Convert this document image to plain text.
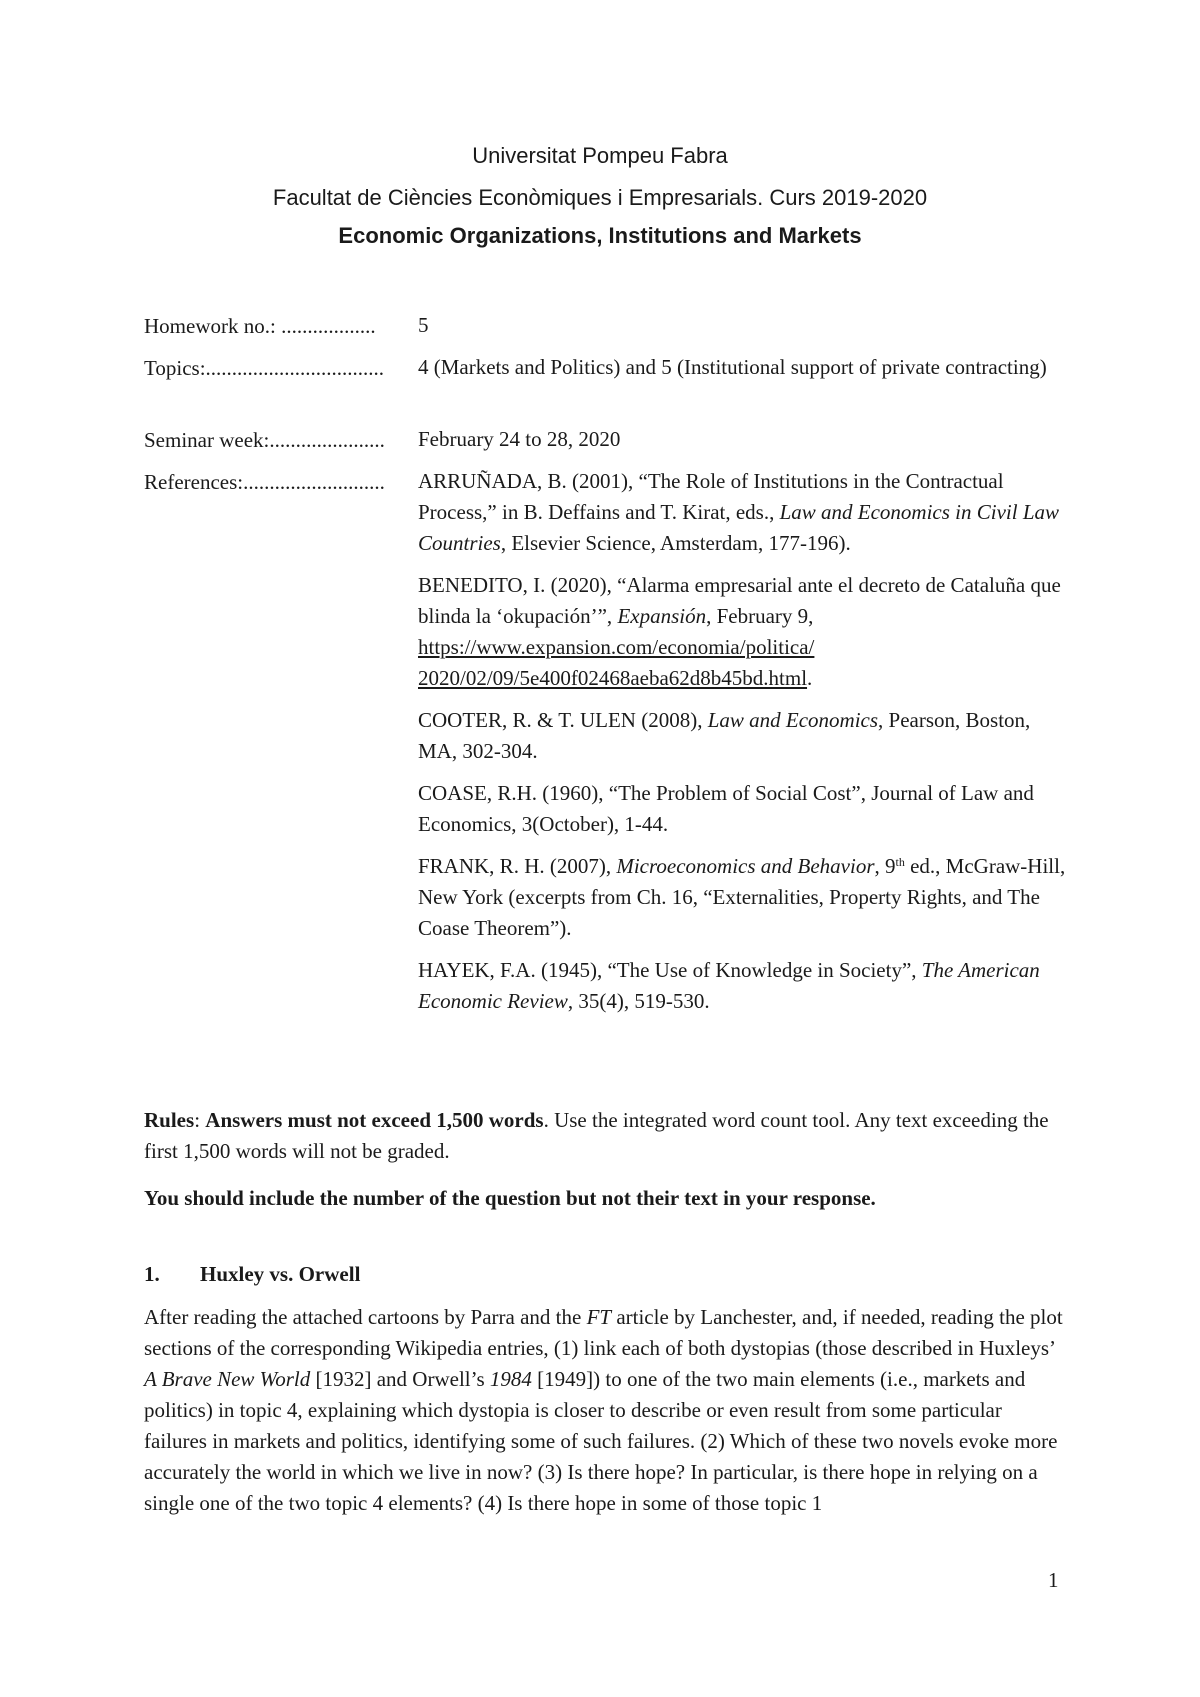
Universitat Pompeu Fabra
Facultat de Ciències Econòmiques i Empresarials. Curs 2019-2020
Economic Organizations, Institutions and Markets
Homework no.: .................. 5
Topics:.................................. 4 (Markets and Politics) and 5 (Institutional support of private contracting)
Seminar week:...................... February 24 to 28, 2020
References:........................... ARRUÑADA, B. (2001), “The Role of Institutions in the Contractual Process,” in B. Deffains and T. Kirat, eds., Law and Economics in Civil Law Countries, Elsevier Science, Amsterdam, 177-196).

BENEDITO, I. (2020), “Alarma empresarial ante el decreto de Cataluña que blinda la ‘okupación’”, Expansión, February 9, https://www.expansion.com/economia/politica/
2020/02/09/5e400f02468aeba62d8b45bd.html.

COOTER, R. & T. ULEN (2008), Law and Economics, Pearson, Boston, MA, 302-304.

COASE, R.H. (1960), “The Problem of Social Cost”, Journal of Law and Economics, 3(October), 1-44.

FRANK, R. H. (2007), Microeconomics and Behavior, 9th ed., McGraw-Hill, New York (excerpts from Ch. 16, “Externalities, Property Rights, and The Coase Theorem”).

HAYEK, F.A. (1945), “The Use of Knowledge in Society”, The American Economic Review, 35(4), 519-530.

Rules: Answers must not exceed 1,500 words. Use the integrated word count tool. Any text exceeding the first 1,500 words will not be graded.

You should include the number of the question but not their text in your response.

1. Huxley vs. Orwell

After reading the attached cartoons by Parra and the FT article by Lanchester, and, if needed, reading the plot sections of the corresponding Wikipedia entries, (1) link each of both dystopias (those described in Huxleys’ A Brave New World [1932] and Orwell’s 1984 [1949]) to one of the two main elements (i.e., markets and politics) in topic 4, explaining which dystopia is closer to describe or even result from some particular failures in markets and politics, identifying some of such failures. (2) Which of these two novels evoke more accurately the world in which we live in now? (3) Is there hope? In particular, is there hope in relying on a single one of the two topic 4 elements? (4) Is there hope in some of those topic 1

1
